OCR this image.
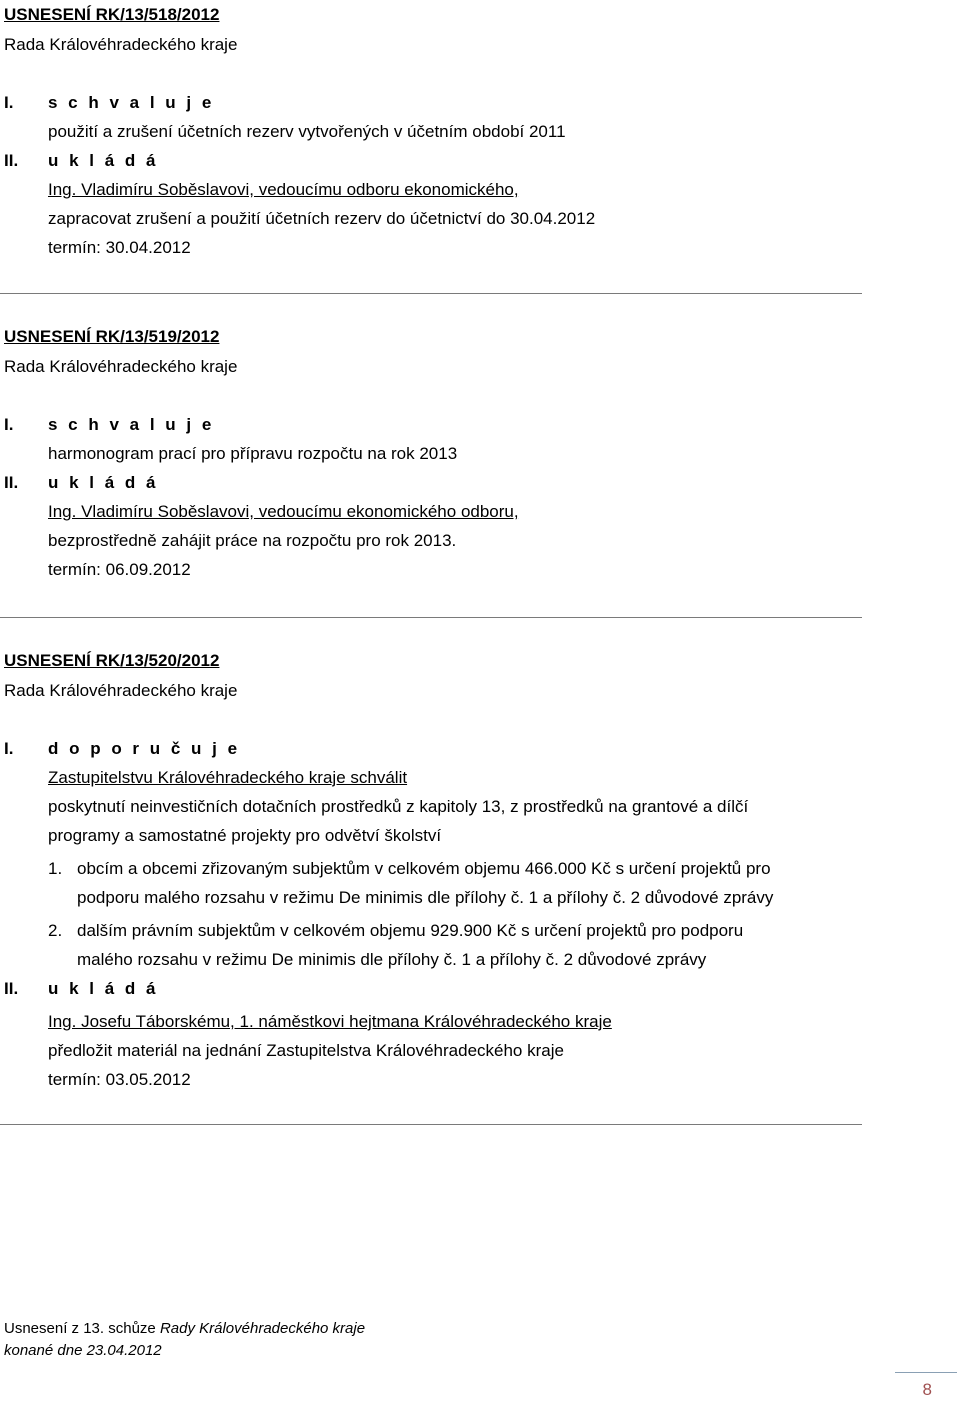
USNESENÍ RK/13/518/2012

Rada Královéhradeckého kraje

I.	s c h v a l u j e
použití a zrušení účetních rezerv vytvořených v účetním období 2011
II.	u k l á d á
Ing. Vladimíru Soběslavovi, vedoucímu odboru ekonomického,
zapracovat zrušení a použití účetních rezerv do účetnictví do 30.04.2012
termín: 30.04.2012

USNESENÍ RK/13/519/2012

Rada Královéhradeckého kraje

I.	s c h v a l u j e
harmonogram prací pro přípravu rozpočtu na rok 2013
II.	u k l á d á
Ing. Vladimíru Soběslavovi, vedoucímu ekonomického odboru,
bezprostředně zahájit práce na rozpočtu pro rok 2013.
termín: 06.09.2012

USNESENÍ RK/13/520/2012

Rada Královéhradeckého kraje

I.	d o p o r u č u j e
Zastupitelstvu Královéhradeckého kraje schválit
poskytnutí neinvestičních dotačních prostředků z kapitoly 13, z prostředků na grantové a dílčí
programy a samostatné projekty pro odvětví školství
1. obcím a obcemi zřizovaným subjektům v celkovém objemu 466.000 Kč s určení projektů pro
podporu malého rozsahu v režimu De minimis dle přílohy č. 1 a přílohy č. 2 důvodové zprávy
2. dalším právním subjektům v celkovém objemu 929.900 Kč s určení projektů pro podporu
malého rozsahu v režimu De minimis dle přílohy č. 1 a přílohy č. 2 důvodové zprávy
II.	u k l á d á
Ing. Josefu Táborskému, 1. náměstkovi hejtmana Královéhradeckého kraje
předložit materiál na jednání Zastupitelstva Královéhradeckého kraje
termín: 03.05.2012
Usnesení z 13. schůze Rady Královéhradeckého kraje
konané dne 23.04.2012
8
